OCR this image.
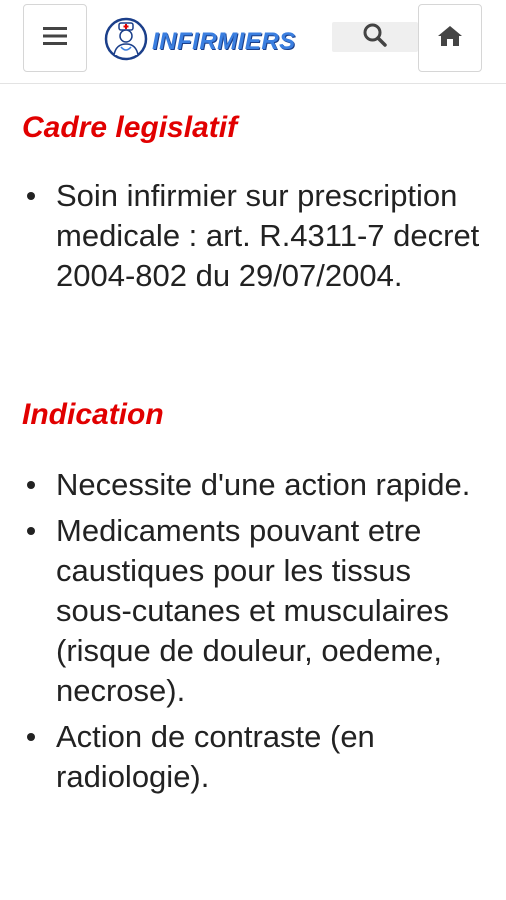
INFIRMIERS
Cadre legislatif
Soin infirmier sur prescription medicale : art. R.4311-7 decret 2004-802 du 29/07/2004.
Indication
Necessite d'une action rapide.
Medicaments pouvant etre caustiques pour les tissus sous-cutanes et musculaires (risque de douleur, oedeme, necrose).
Action de contraste (en radiologie).
